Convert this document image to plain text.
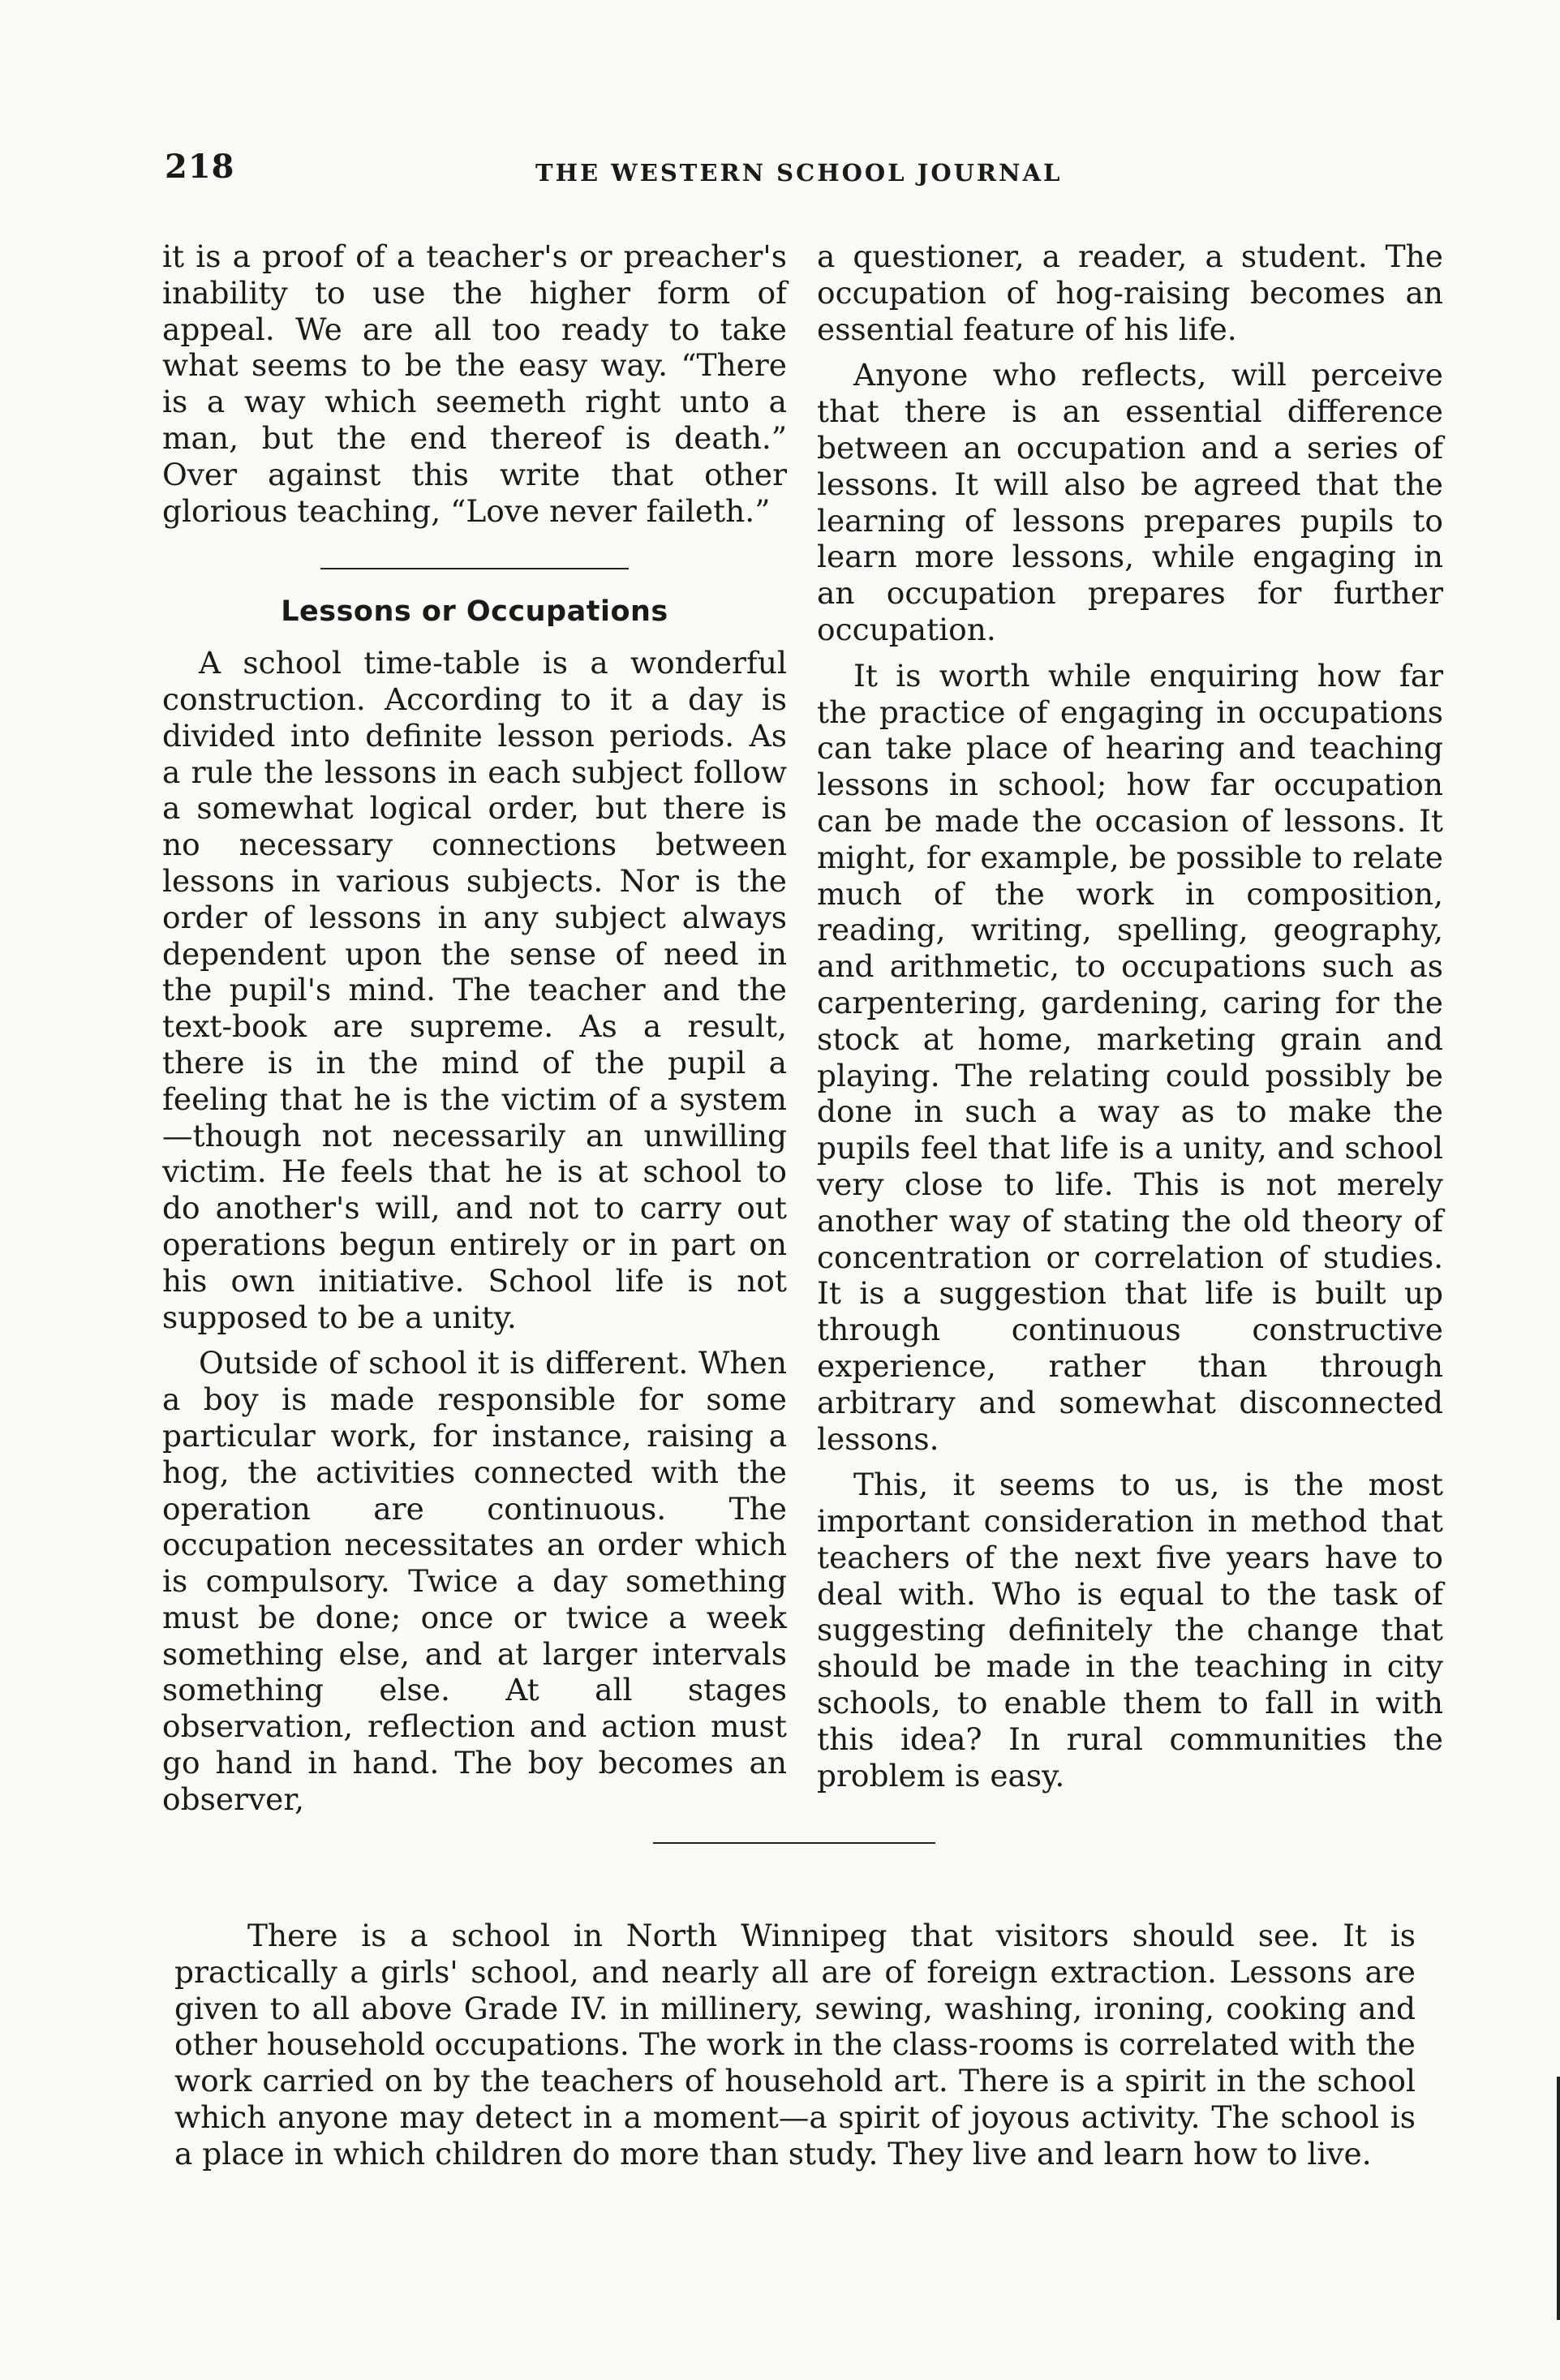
218	THE WESTERN SCHOOL JOURNAL

it is a proof of a teacher's or preacher's inability to use the higher form of appeal. We are all too ready to take what seems to be the easy way. “There is a way which seemeth right unto a man, but the end thereof is death.” Over against this write that other glorious teaching, “Love never faileth.”

Lessons or Occupations

A school time-table is a wonderful construction. According to it a day is divided into definite lesson periods. As a rule the lessons in each subject follow a somewhat logical order, but there is no necessary connections between lessons in various subjects. Nor is the order of lessons in any subject always dependent upon the sense of need in the pupil's mind. The teacher and the text-book are supreme. As a result, there is in the mind of the pupil a feeling that he is the victim of a system —though not necessarily an unwilling victim. He feels that he is at school to do another's will, and not to carry out operations begun entirely or in part on his own initiative. School life is not supposed to be a unity.

Outside of school it is different. When a boy is made responsible for some particular work, for instance, raising a hog, the activities connected with the operation are continuous. The occupation necessitates an order which is compulsory. Twice a day something must be done; once or twice a week something else, and at larger intervals something else. At all stages observation, reflection and action must go hand in hand. The boy becomes an observer,

a questioner, a reader, a student. The occupation of hog-raising becomes an essential feature of his life.

Anyone who reflects, will perceive that there is an essential difference between an occupation and a series of lessons. It will also be agreed that the learning of lessons prepares pupils to learn more lessons, while engaging in an occupation prepares for further occupation.

It is worth while enquiring how far the practice of engaging in occupations can take place of hearing and teaching lessons in school; how far occupation can be made the occasion of lessons. It might, for example, be possible to relate much of the work in composition, reading, writing, spelling, geography, and arithmetic, to occupations such as carpentering, gardening, caring for the stock at home, marketing grain and playing. The relating could possibly be done in such a way as to make the pupils feel that life is a unity, and school very close to life. This is not merely another way of stating the old theory of concentration or correlation of studies. It is a suggestion that life is built up through continuous constructive experience, rather than through arbitrary and somewhat disconnected lessons.

This, it seems to us, is the most important consideration in method that teachers of the next five years have to deal with. Who is equal to the task of suggesting definitely the change that should be made in the teaching in city schools, to enable them to fall in with this idea? In rural communities the problem is easy.

There is a school in North Winnipeg that visitors should see. It is practically a girls' school, and nearly all are of foreign extraction. Lessons are given to all above Grade IV. in millinery, sewing, washing, ironing, cooking and other household occupations. The work in the class-rooms is correlated with the work carried on by the teachers of household art. There is a spirit in the school which anyone may detect in a moment—a spirit of joyous activity. The school is a place in which children do more than study. They live and learn how to live.
